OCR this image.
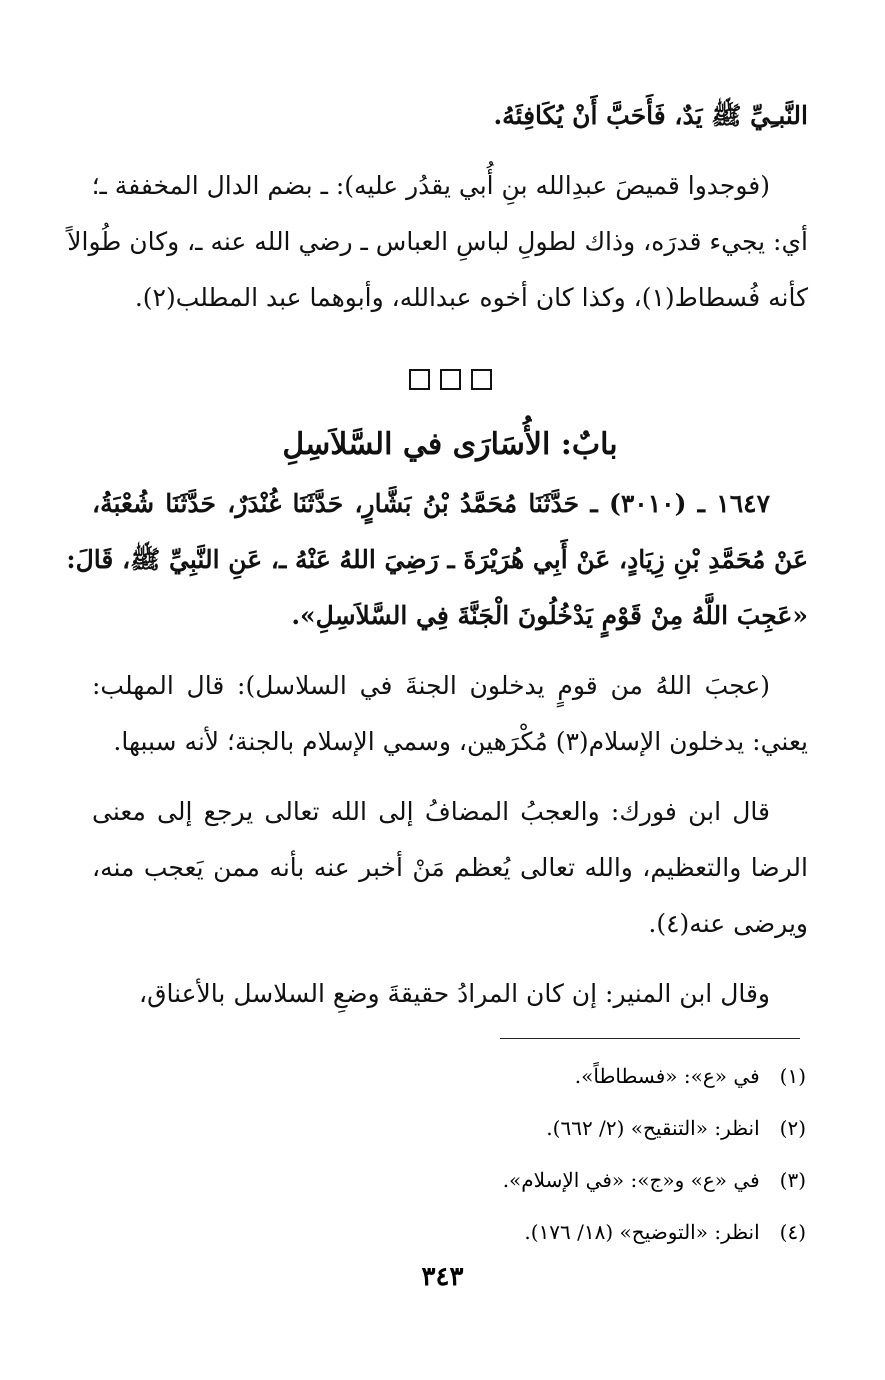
النَّبـِيِّ ﷺ يَدٌ، فَأَحَبَّ أَنْ يُكَافِئَهُ.
(فوجدوا قميصَ عبدِالله بنِ أُبي يقدُر عليه): ـ بضم الدال المخففة ـ؛
أي: يجيء قدرَه، وذاك لطولِ لباسِ العباس ـ رضي الله عنه ـ، وكان طُوالاً
كأنه فُسطاط(١)، وكذا كان أخوه عبدالله، وأبوهما عبد المطلب(٢).
بابٌ: الأُسَارَى في السَّلاَسِلِ
١٦٤٧ ـ (٣٠١٠) ـ حَدَّثَنَا مُحَمَّدُ بْنُ بَشَّارٍ، حَدَّثَنَا غُنْدَرٌ، حَدَّثَنَا شُعْبَةُ،
عَنْ مُحَمَّدِ بْنِ زِيَادٍ، عَنْ أَبِي هُرَيْرَةَ ـ رَضِيَ اللهُ عَنْهُ ـ، عَنِ النَّبِيِّ ﷺ، قَالَ:
«عَجِبَ اللَّهُ مِنْ قَوْمٍ يَدْخُلُونَ الْجَنَّةَ فِي السَّلاَسِلِ».
(عجبَ اللهُ من قومٍ يدخلون الجنةَ في السلاسل): قال المهلب:
يعني: يدخلون الإسلام(٣) مُكْرَهين، وسمي الإسلام بالجنة؛ لأنه سببها.
قال ابن فورك: والعجبُ المضافُ إلى الله تعالى يرجع إلى معنى
الرضا والتعظيم، والله تعالى يُعظم مَنْ أخبر عنه بأنه ممن يَعجب منه،
ويرضى عنه(٤).
وقال ابن المنير: إن كان المرادُ حقيقةَ وضعِ السلاسل بالأعناق،
(١) في «ع»: «فسطاطاً».
(٢) انظر: «التنقيح» (٢/ ٦٦٢).
(٣) في «ع» و«ج»: «في الإسلام».
(٤) انظر: «التوضيح» (١٨/ ١٧٦).
٣٤٣
